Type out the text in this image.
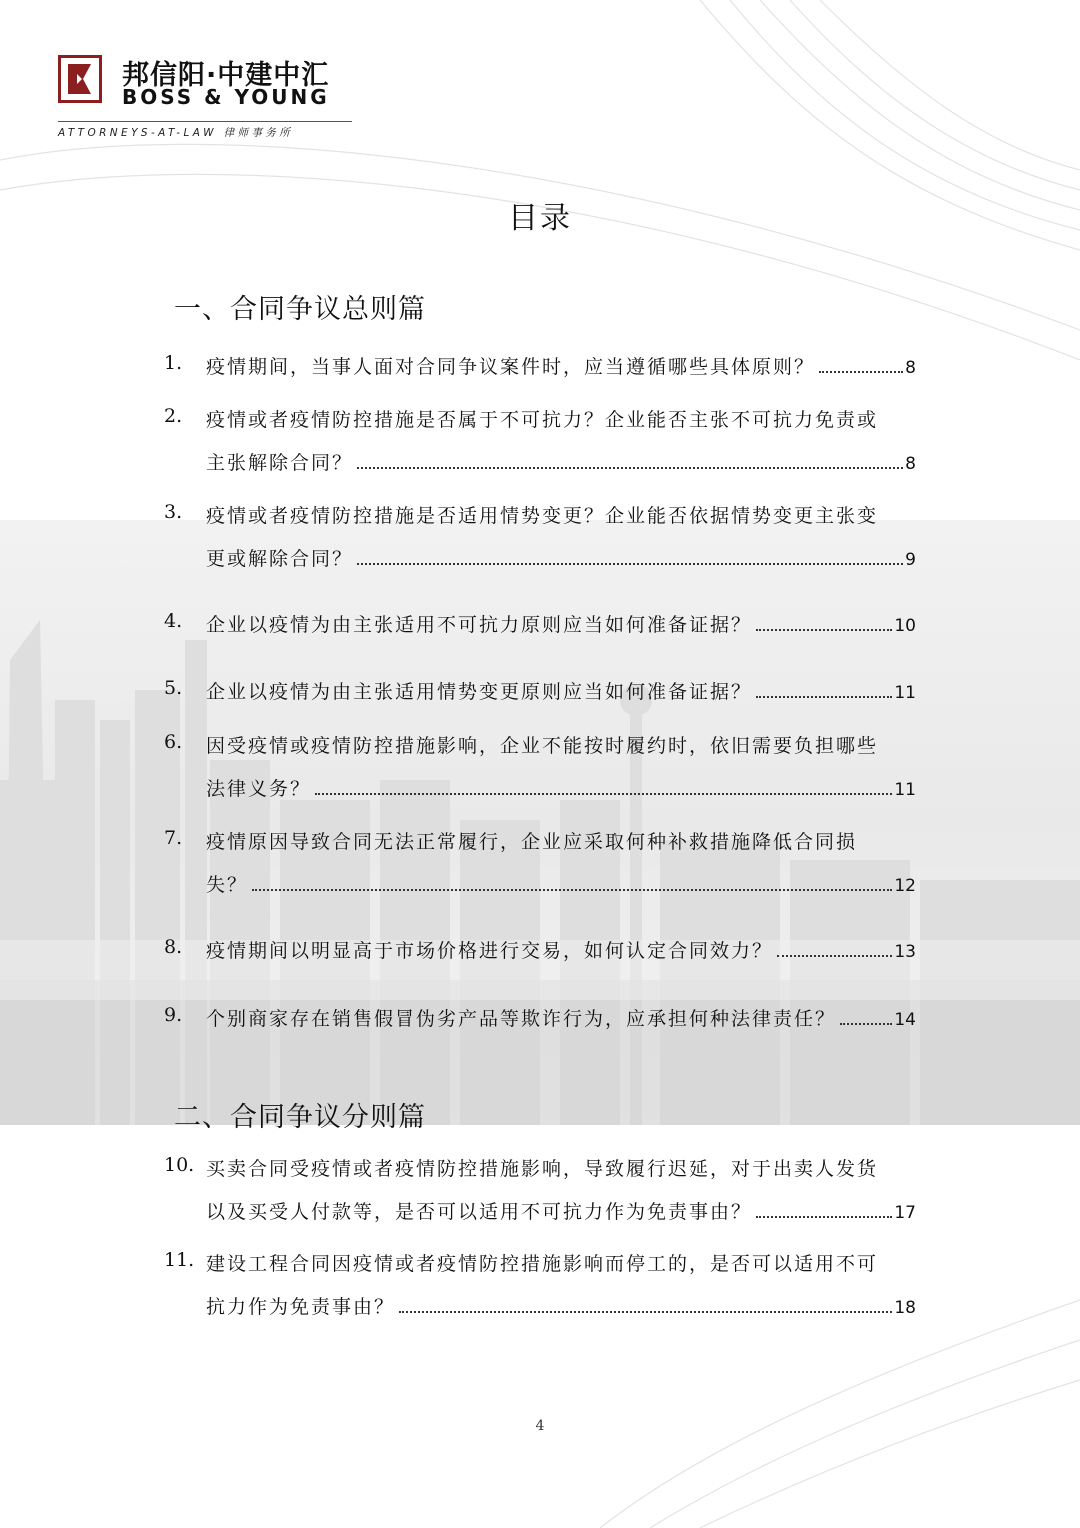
邦信阳·中建中汇
BOSS & YOUNG
ATTORNEYS-AT-LAW 律师事务所
目录
一、合同争议总则篇
二、合同争议分则篇
1. 疫情期间，当事人面对合同争议案件时，应当遵循哪些具体原则？	8
2. 疫情或者疫情防控措施是否属于不可抗力？企业能否主张不可抗力免责或
主张解除合同？	8
3. 疫情或者疫情防控措施是否适用情势变更？企业能否依据情势变更主张变
更或解除合同？	9
4. 企业以疫情为由主张适用不可抗力原则应当如何准备证据？	10
5. 企业以疫情为由主张适用情势变更原则应当如何准备证据？	11
6. 因受疫情或疫情防控措施影响，企业不能按时履约时，依旧需要负担哪些
法律义务？	11
7. 疫情原因导致合同无法正常履行，企业应采取何种补救措施降低合同损
失？	12
8. 疫情期间以明显高于市场价格进行交易，如何认定合同效力？	13
9. 个别商家存在销售假冒伪劣产品等欺诈行为，应承担何种法律责任？	14
10. 买卖合同受疫情或者疫情防控措施影响，导致履行迟延，对于出卖人发货
以及买受人付款等，是否可以适用不可抗力作为免责事由？	17
11. 建设工程合同因疫情或者疫情防控措施影响而停工的，是否可以适用不可
抗力作为免责事由？	18
4
